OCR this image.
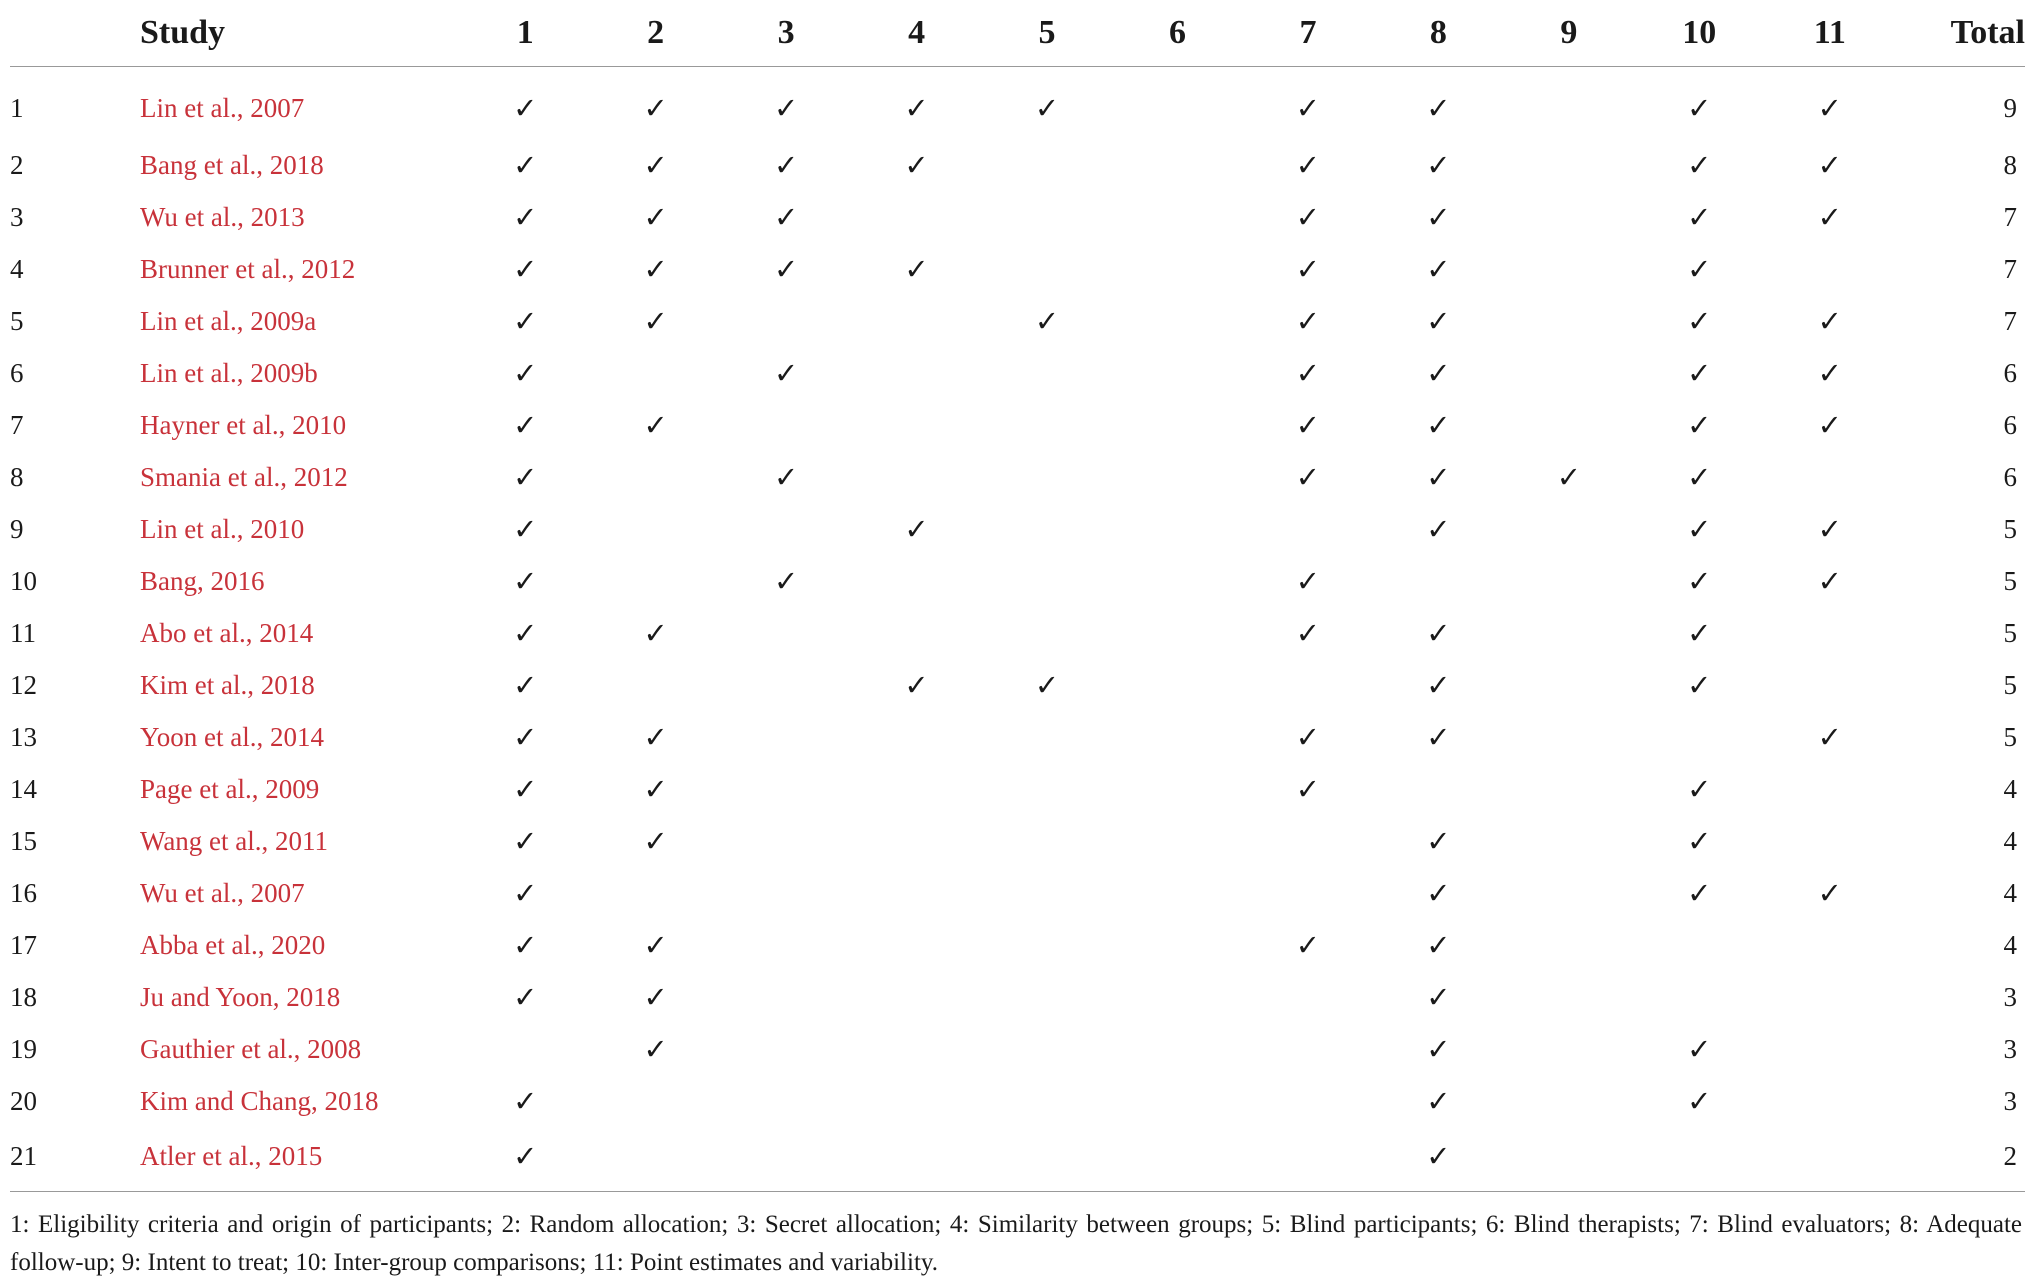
	Study	1	2	3	4	5	6	7	8	9	10	11	Total
1	Lin et al., 2007	✓	✓	✓	✓	✓		✓	✓		✓	✓	9
2	Bang et al., 2018	✓	✓	✓	✓			✓	✓		✓	✓	8
3	Wu et al., 2013	✓	✓	✓				✓	✓		✓	✓	7
4	Brunner et al., 2012	✓	✓	✓	✓			✓	✓		✓		7
5	Lin et al., 2009a	✓	✓			✓		✓	✓		✓	✓	7
6	Lin et al., 2009b	✓		✓				✓	✓		✓	✓	6
7	Hayner et al., 2010	✓	✓					✓	✓		✓	✓	6
8	Smania et al., 2012	✓		✓				✓	✓	✓	✓		6
9	Lin et al., 2010	✓			✓				✓		✓	✓	5
10	Bang, 2016	✓		✓				✓			✓	✓	5
11	Abo et al., 2014	✓	✓					✓	✓		✓		5
12	Kim et al., 2018	✓			✓	✓			✓		✓		5
13	Yoon et al., 2014	✓	✓					✓	✓			✓	5
14	Page et al., 2009	✓	✓					✓			✓		4
15	Wang et al., 2011	✓	✓						✓		✓		4
16	Wu et al., 2007	✓							✓		✓	✓	4
17	Abba et al., 2020	✓	✓					✓	✓				4
18	Ju and Yoon, 2018	✓	✓						✓				3
19	Gauthier et al., 2008		✓						✓		✓		3
20	Kim and Chang, 2018	✓							✓		✓		3
21	Atler et al., 2015	✓							✓				2
1: Eligibility criteria and origin of participants; 2: Random allocation; 3: Secret allocation; 4: Similarity between groups; 5: Blind participants; 6: Blind therapists; 7: Blind evaluators; 8: Adequate follow-up; 9: Intent to treat; 10: Inter-group comparisons; 11: Point estimates and variability.
